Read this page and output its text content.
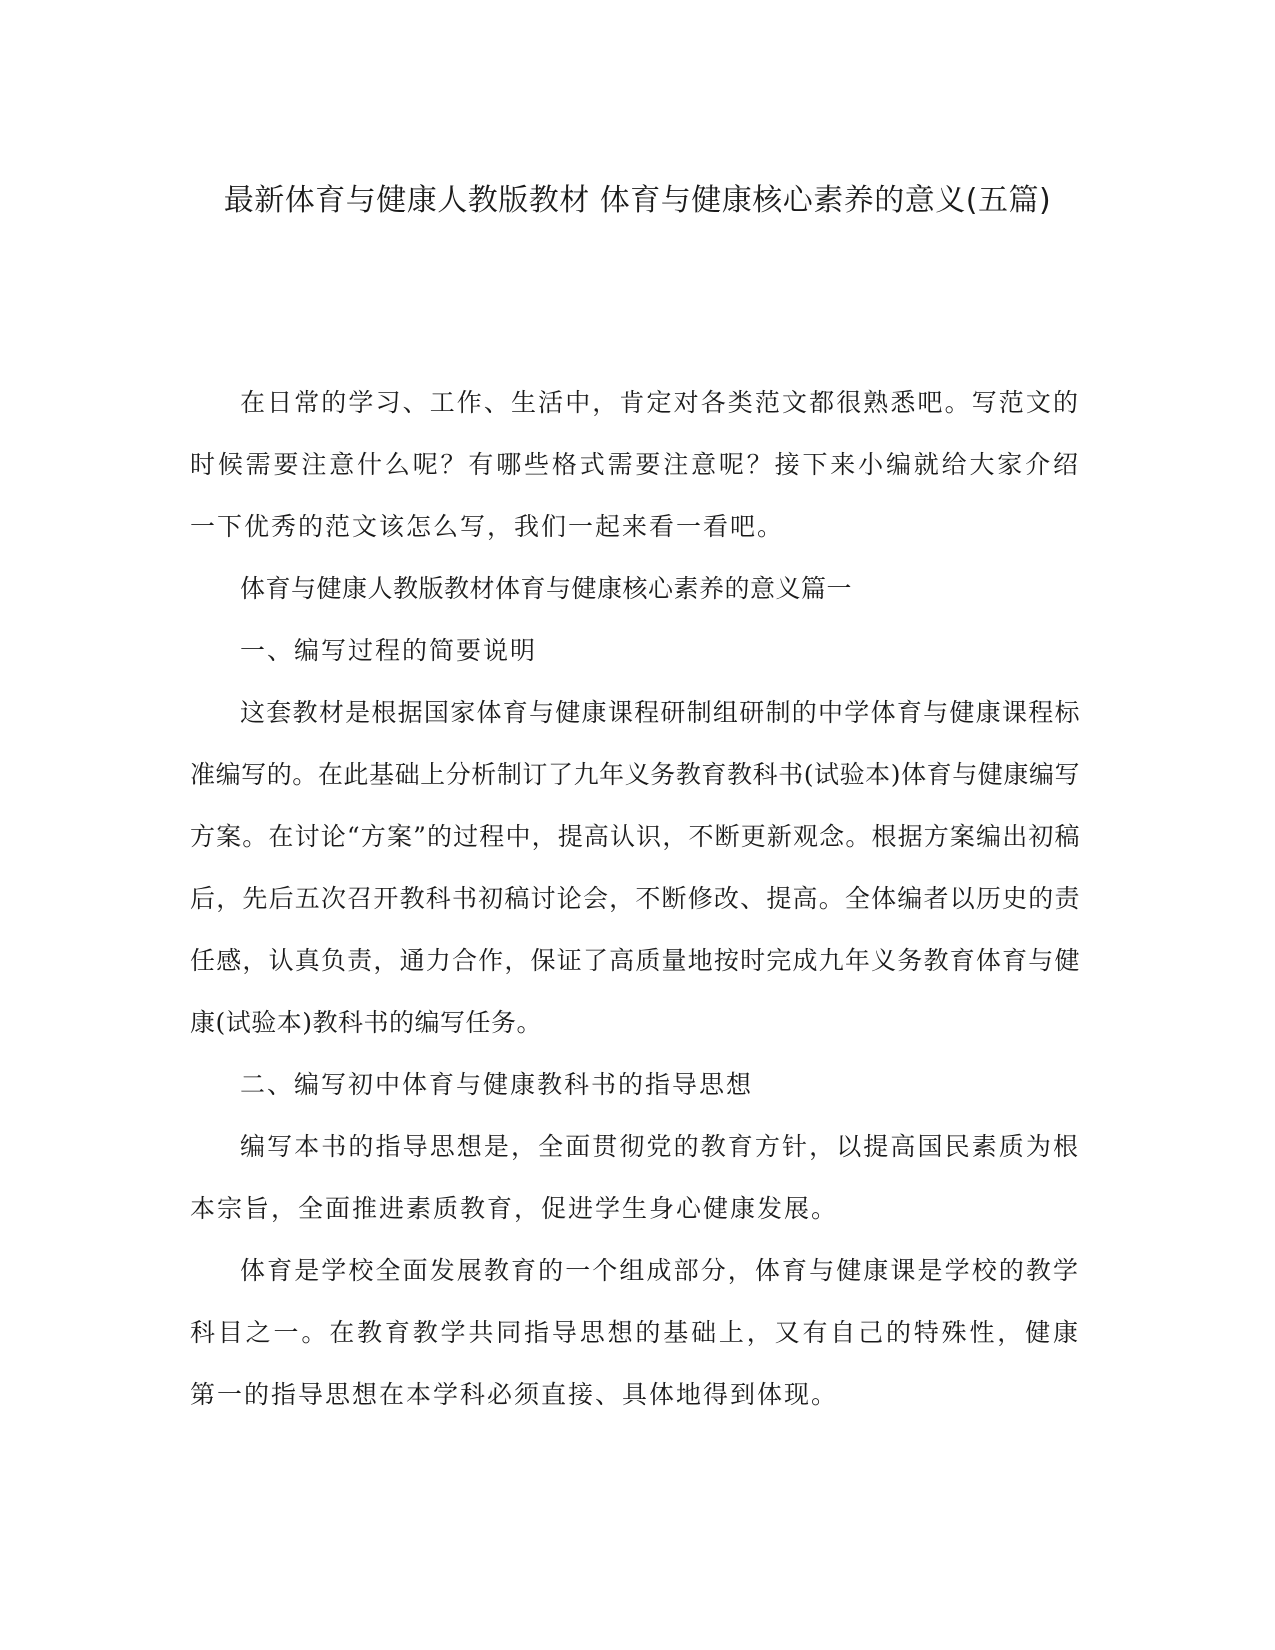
最新体育与健康人教版教材 体育与健康核心素养的意义(五篇)

在日常的学习、工作、生活中，肯定对各类范文都很熟悉吧。写范文的时候需要注意什么呢？有哪些格式需要注意呢？接下来小编就给大家介绍一下优秀的范文该怎么写，我们一起来看一看吧。

体育与健康人教版教材体育与健康核心素养的意义篇一

一、编写过程的简要说明

这套教材是根据国家体育与健康课程研制组研制的中学体育与健康课程标准编写的。在此基础上分析制订了九年义务教育教科书(试验本)体育与健康编写方案。在讨论“方案”的过程中，提高认识，不断更新观念。根据方案编出初稿后，先后五次召开教科书初稿讨论会，不断修改、提高。全体编者以历史的责任感，认真负责，通力合作，保证了高质量地按时完成九年义务教育体育与健康(试验本)教科书的编写任务。

二、编写初中体育与健康教科书的指导思想

编写本书的指导思想是，全面贯彻党的教育方针，以提高国民素质为根本宗旨，全面推进素质教育，促进学生身心健康发展。

体育是学校全面发展教育的一个组成部分，体育与健康课是学校的教学科目之一。在教育教学共同指导思想的基础上，又有自己的特殊性，健康第一的指导思想在本学科必须直接、具体地得到体现。
